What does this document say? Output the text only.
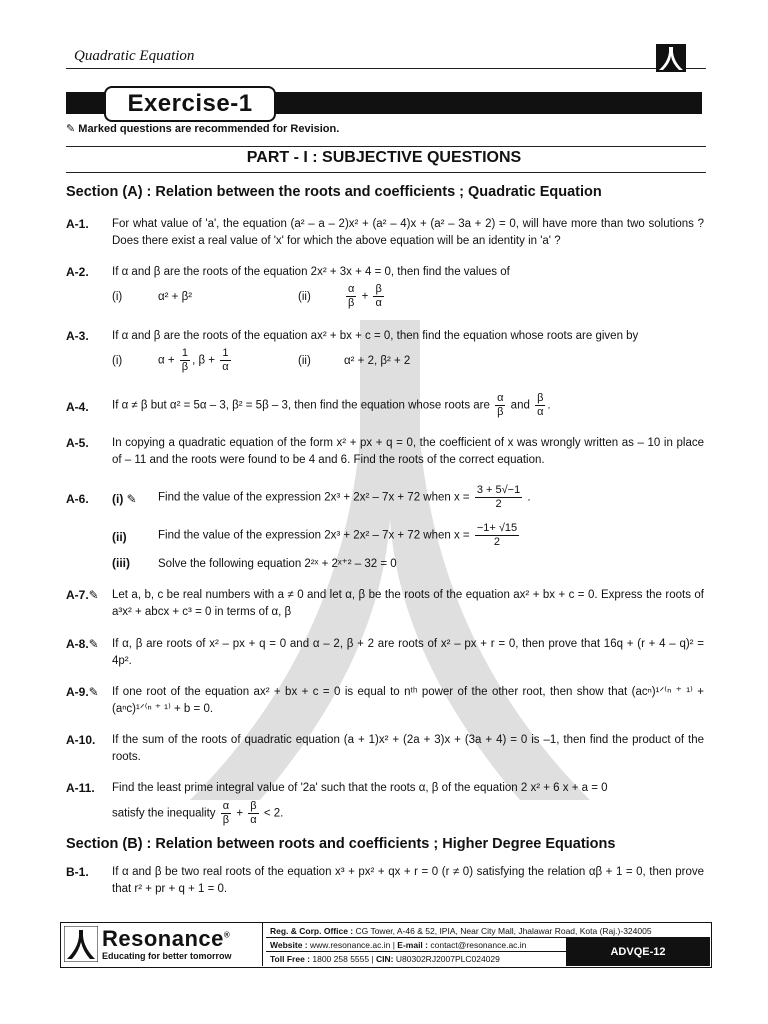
Quadratic Equation
Exercise-1
✎ Marked questions are recommended for Revision.
PART - I : SUBJECTIVE QUESTIONS
Section (A) : Relation between the roots and coefficients ; Quadratic Equation
A-1. For what value of 'a', the equation (a² – a – 2)x² + (a² – 4)x + (a² – 3a + 2) = 0, will have more than two solutions ? Does there exist a real value of 'x' for which the above equation will be an identity in 'a' ?
A-2. If α and β are the roots of the equation 2x² + 3x + 4 = 0, then find the values of
(i)	α² + β²	(ii)	$\frac{\alpha}{\beta} + \frac{\beta}{\alpha}$
A-3. If α and β are the roots of the equation ax² + bx + c = 0, then find the equation whose roots are given by
(i)	$\alpha + \frac{1}{\beta}$ , $\beta + \frac{1}{\alpha}$	(ii)	α² + 2, β² + 2
A-4. If α ≠ β but α² = 5α – 3, β² = 5β – 3, then find the equation whose roots are $\frac{\alpha}{\beta}$ and $\frac{\beta}{\alpha}$ .
A-5. In copying a quadratic equation of the form x² + px + q = 0, the coefficient of x was wrongly written as – 10 in place of – 11 and the roots were found to be 4 and 6. Find the roots of the correct equation.
A-6. (i) ✎ Find the value of the expression 2x³ + 2x² – 7x + 72 when $x = \frac{3 + 5√-1}{2}$ .
(ii)	Find the value of the expression 2x³ + 2x² – 7x + 72 when $x = \frac{-1+ √15}{2}$
(iii) Solve the following equation 2²ˣ + 2ˣ⁺² – 32 = 0
A-7.✎ Let a, b, c be real numbers with a ≠ 0 and let α, β be the roots of the equation ax² + bx + c = 0. Express the roots of a³x² + abcx + c³ = 0 in terms of α, β
A-8.✎ If α, β are roots of x² – px + q = 0 and α – 2, β + 2 are roots of x² – px + r = 0, then prove that 16q + (r + 4 – q)² = 4p².
A-9.✎ If one root of the equation ax² + bx + c = 0 is equal to nᵗʰ power of the other root, then show that (acⁿ)¹ᐟ⁽ⁿ ⁺ ¹⁾ + (aⁿc)¹ᐟ⁽ⁿ ⁺ ¹⁾ + b = 0.
A-10. If the sum of the roots of quadratic equation (a + 1)x² + (2a + 3)x + (3a + 4) = 0 is –1, then find the product of the roots.
A-11. Find the least prime integral value of '2a' such that the roots α, β of the equation 2 x² + 6 x + a = 0
satisfy the inequality $\frac{\alpha}{\beta} + \frac{\beta}{\alpha} < 2$.
Section (B) : Relation between roots and coefficients ; Higher Degree Equations
B-1. If α and β be two real roots of the equation x³ + px² + qx + r = 0 (r ≠ 0) satisfying the relation αβ + 1 = 0, then prove that r² + pr + q + 1 = 0.
Resonance®
Educating for better tomorrow
Reg. & Corp. Office : CG Tower, A-46 & 52, IPIA, Near City Mall, Jhalawar Road, Kota (Raj.)-324005
Website : www.resonance.ac.in | E-mail : contact@resonance.ac.in
Toll Free : 1800 258 5555 | CIN: U80302RJ2007PLC024029
ADVQE-12
